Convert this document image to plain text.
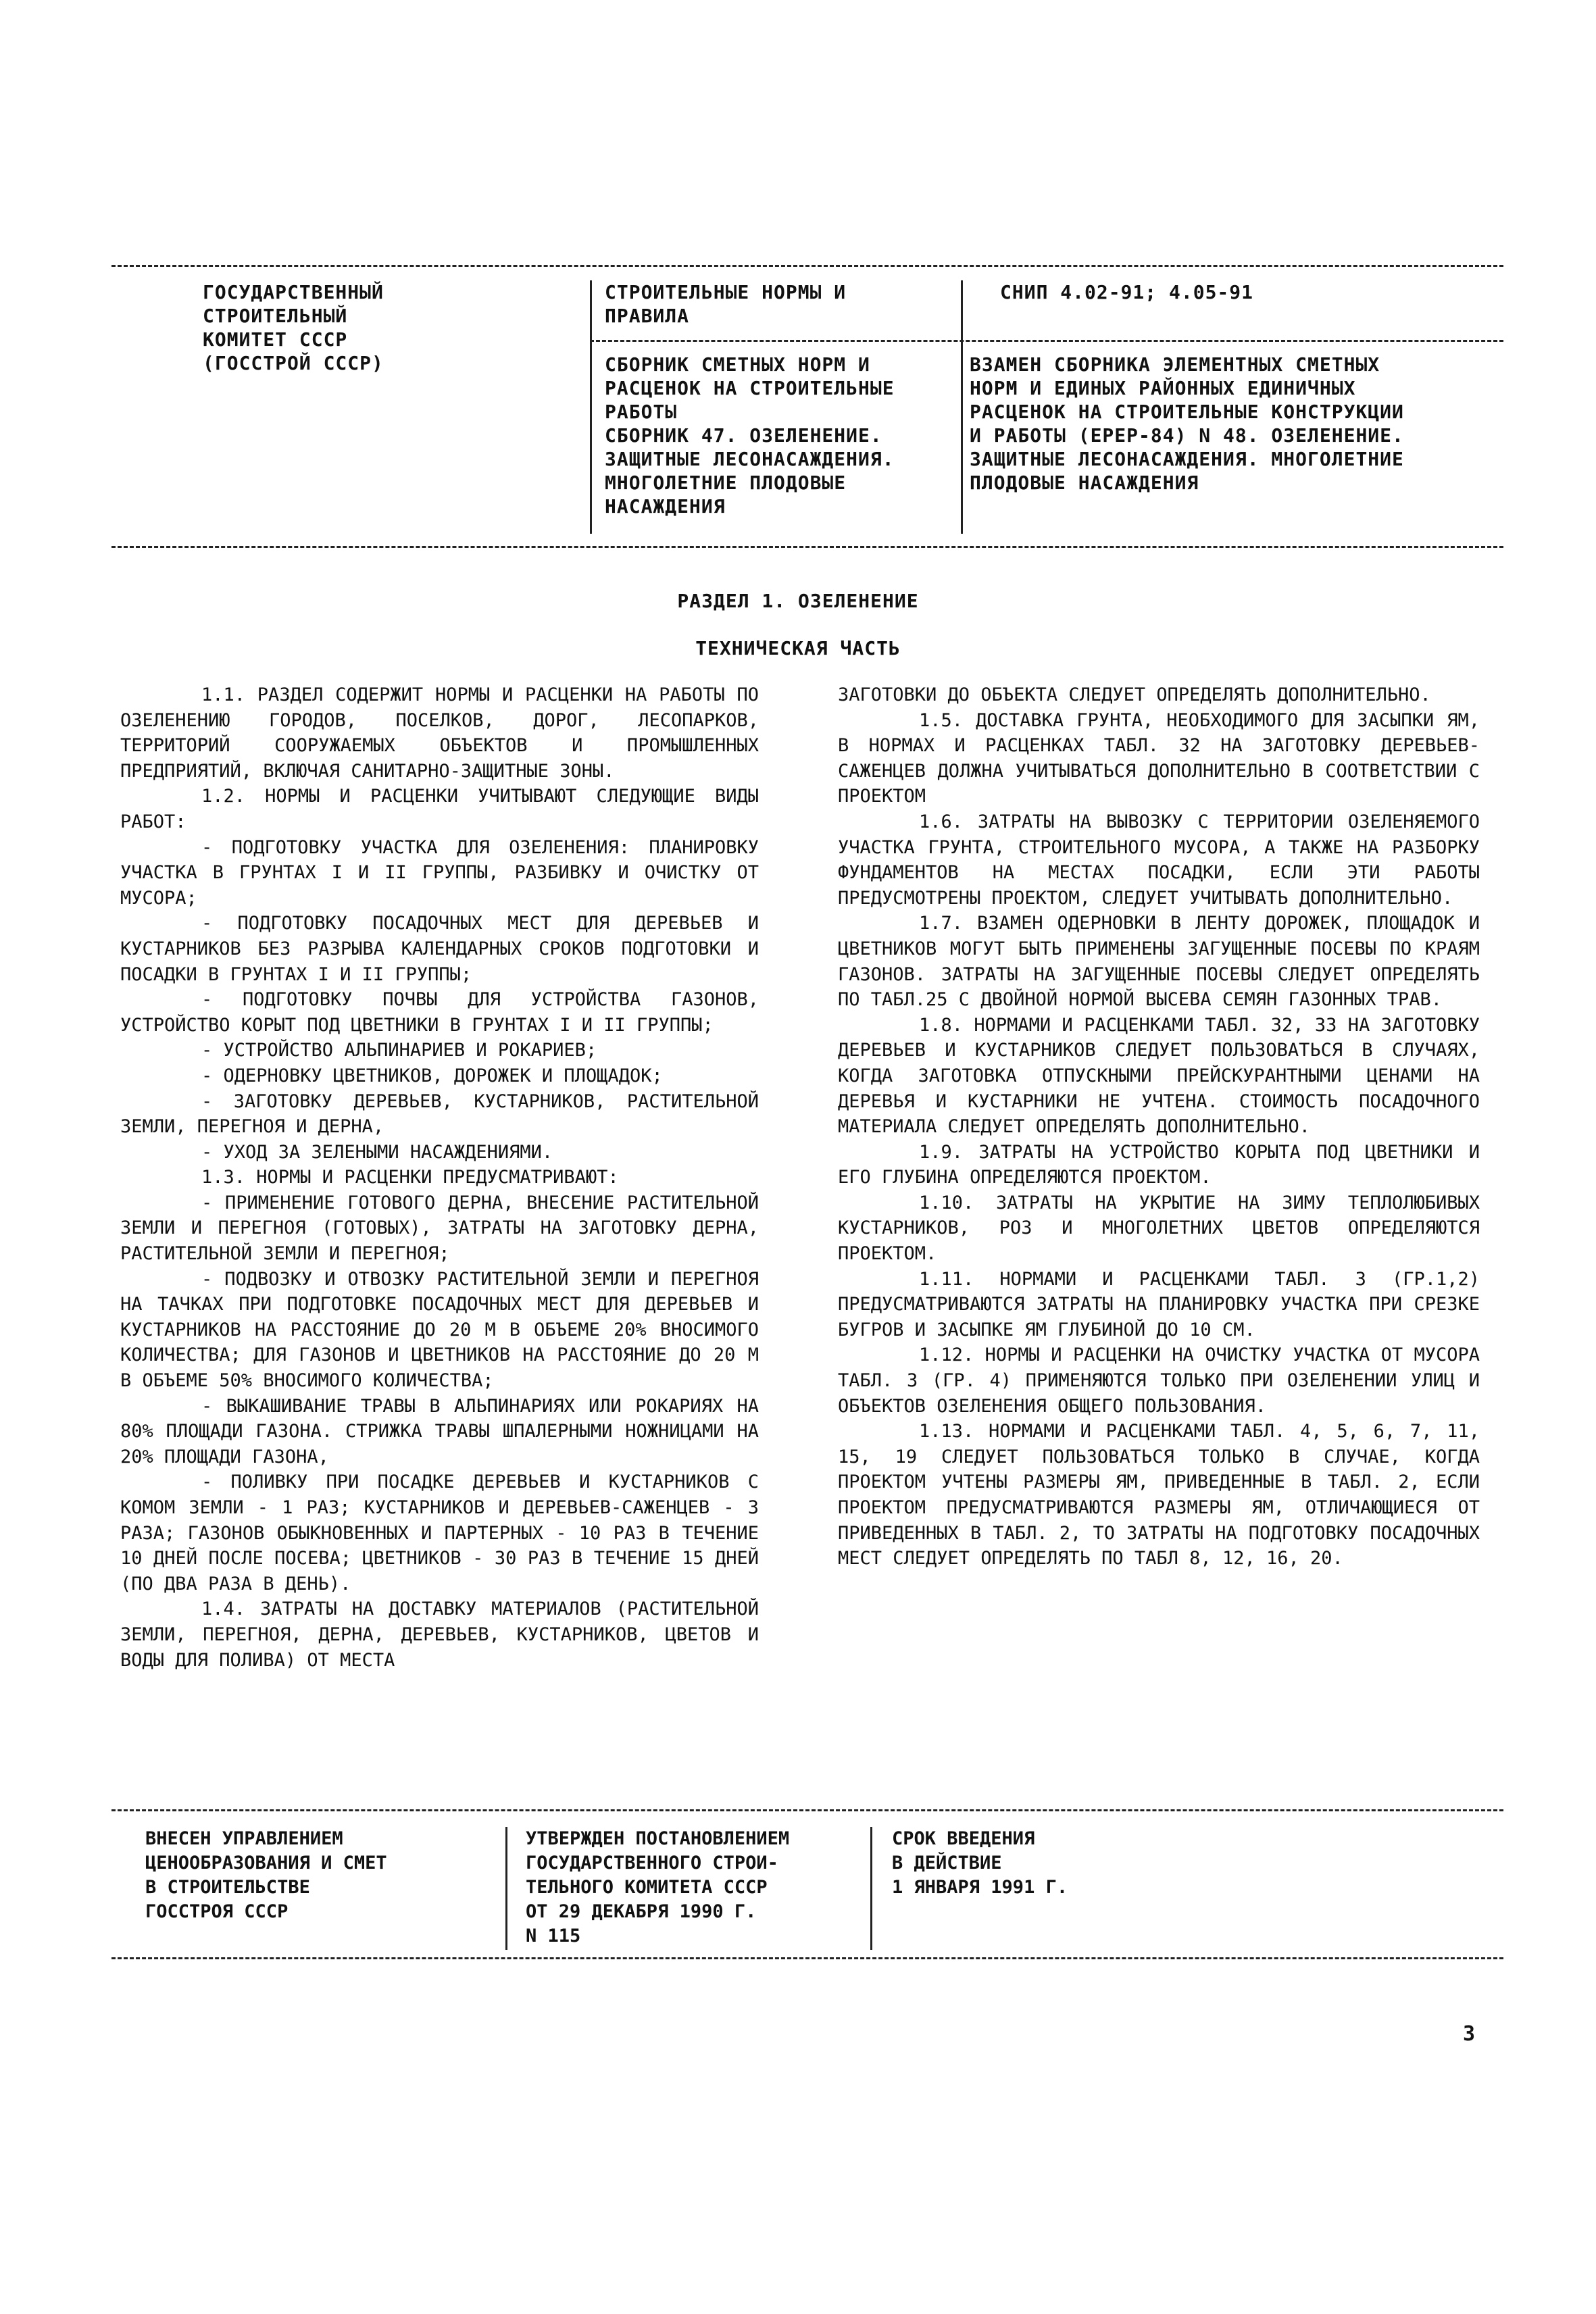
ГОСУДАРСТВЕННЫЙ
СТРОИТЕЛЬНЫЙ
КОМИТЕТ СССР
(ГОССТРОЙ СССР)
СТРОИТЕЛЬНЫЕ НОРМЫ И
ПРАВИЛА
СНИП 4.02-91; 4.05-91
СБОРНИК СМЕТНЫХ НОРМ И
РАСЦЕНОК НА СТРОИТЕЛЬНЫЕ
РАБОТЫ
СБОРНИК 47. ОЗЕЛЕНЕНИЕ.
ЗАЩИТНЫЕ ЛЕСОНАСАЖДЕНИЯ.
МНОГОЛЕТНИЕ ПЛОДОВЫЕ
НАСАЖДЕНИЯ
ВЗАМЕН СБОРНИКА ЭЛЕМЕНТНЫХ СМЕТНЫХ
НОРМ И ЕДИНЫХ РАЙОННЫХ ЕДИНИЧНЫХ
РАСЦЕНОК НА СТРОИТЕЛЬНЫЕ КОНСТРУКЦИИ
И РАБОТЫ (ЕРЕР-84) N 48. ОЗЕЛЕНЕНИЕ.
ЗАЩИТНЫЕ ЛЕСОНАСАЖДЕНИЯ. МНОГОЛЕТНИЕ
ПЛОДОВЫЕ НАСАЖДЕНИЯ
РАЗДЕЛ 1. ОЗЕЛЕНЕНИЕ
ТЕХНИЧЕСКАЯ ЧАСТЬ

1.1. РАЗДЕЛ СОДЕРЖИТ НОРМЫ И РАСЦЕНКИ НА РАБОТЫ ПО ОЗЕЛЕНЕНИЮ ГОРОДОВ, ПОСЕЛКОВ, ДОРОГ, ЛЕСОПАРКОВ, ТЕРРИТОРИЙ СООРУЖАЕМЫХ ОБЪЕКТОВ И ПРОМЫШЛЕННЫХ ПРЕДПРИЯТИЙ, ВКЛЮЧАЯ САНИТАРНО-ЗАЩИТНЫЕ ЗОНЫ.

1.2. НОРМЫ И РАСЦЕНКИ УЧИТЫВАЮТ СЛЕДУЮЩИЕ ВИДЫ РАБОТ:

- ПОДГОТОВКУ УЧАСТКА ДЛЯ ОЗЕЛЕНЕНИЯ: ПЛАНИРОВКУ УЧАСТКА В ГРУНТАХ I И II ГРУППЫ, РАЗБИВКУ И ОЧИСТКУ ОТ МУСОРА;

- ПОДГОТОВКУ ПОСАДОЧНЫХ МЕСТ ДЛЯ ДЕРЕВЬЕВ И КУСТАРНИКОВ БЕЗ РАЗРЫВА КАЛЕНДАРНЫХ СРОКОВ ПОДГОТОВКИ И ПОСАДКИ В ГРУНТАХ I И II ГРУППЫ;

- ПОДГОТОВКУ ПОЧВЫ ДЛЯ УСТРОЙСТВА ГАЗОНОВ, УСТРОЙСТВО КОРЫТ ПОД ЦВЕТНИКИ В ГРУНТАХ I И II ГРУППЫ;

- УСТРОЙСТВО АЛЬПИНАРИЕВ И РОКАРИЕВ;

- ОДЕРНОВКУ ЦВЕТНИКОВ, ДОРОЖЕК И ПЛОЩАДОК;

- ЗАГОТОВКУ ДЕРЕВЬЕВ, КУСТАРНИКОВ, РАСТИТЕЛЬНОЙ ЗЕМЛИ, ПЕРЕГНОЯ И ДЕРНА,

- УХОД ЗА ЗЕЛЕНЫМИ НАСАЖДЕНИЯМИ.

1.3. НОРМЫ И РАСЦЕНКИ ПРЕДУСМАТРИВАЮТ:

- ПРИМЕНЕНИЕ ГОТОВОГО ДЕРНА, ВНЕСЕНИЕ РАСТИТЕЛЬНОЙ ЗЕМЛИ И ПЕРЕГНОЯ (ГОТОВЫХ), ЗАТРАТЫ НА ЗАГОТОВКУ ДЕРНА, РАСТИТЕЛЬНОЙ ЗЕМЛИ И ПЕРЕГНОЯ;

- ПОДВОЗКУ И ОТВОЗКУ РАСТИТЕЛЬНОЙ ЗЕМЛИ И ПЕРЕГНОЯ НА ТАЧКАХ ПРИ ПОДГОТОВКЕ ПОСАДОЧНЫХ МЕСТ ДЛЯ ДЕРЕВЬЕВ И КУСТАРНИКОВ НА РАССТОЯНИЕ ДО 20 М В ОБЪЕМЕ 20% ВНОСИМОГО КОЛИЧЕСТВА; ДЛЯ ГАЗОНОВ И ЦВЕТНИКОВ НА РАССТОЯНИЕ ДО 20 М В ОБЪЕМЕ 50% ВНОСИМОГО КОЛИЧЕСТВА;

- ВЫКАШИВАНИЕ ТРАВЫ В АЛЬПИНАРИЯХ ИЛИ РОКАРИЯХ НА 80% ПЛОЩАДИ ГАЗОНА. СТРИЖКА ТРАВЫ ШПАЛЕРНЫМИ НОЖНИЦАМИ НА 20% ПЛОЩАДИ ГАЗОНА,

- ПОЛИВКУ ПРИ ПОСАДКЕ ДЕРЕВЬЕВ И КУСТАРНИКОВ С КОМОМ ЗЕМЛИ - 1 РАЗ; КУСТАРНИКОВ И ДЕРЕВЬЕВ-САЖЕНЦЕВ - 3 РАЗА; ГАЗОНОВ ОБЫКНОВЕННЫХ И ПАРТЕРНЫХ - 10 РАЗ В ТЕЧЕНИЕ 10 ДНЕЙ ПОСЛЕ ПОСЕВА; ЦВЕТНИКОВ - 30 РАЗ В ТЕЧЕНИЕ 15 ДНЕЙ (ПО ДВА РАЗА В ДЕНЬ).

1.4. ЗАТРАТЫ НА ДОСТАВКУ МАТЕРИАЛОВ (РАСТИТЕЛЬНОЙ ЗЕМЛИ, ПЕРЕГНОЯ, ДЕРНА, ДЕРЕВЬЕВ, КУСТАРНИКОВ, ЦВЕТОВ И ВОДЫ ДЛЯ ПОЛИВА) ОТ МЕСТА

ЗАГОТОВКИ ДО ОБЪЕКТА СЛЕДУЕТ ОПРЕДЕЛЯТЬ ДОПОЛНИТЕЛЬНО.

1.5. ДОСТАВКА ГРУНТА, НЕОБХОДИМОГО ДЛЯ ЗАСЫПКИ ЯМ, В НОРМАХ И РАСЦЕНКАХ ТАБЛ. 32 НА ЗАГОТОВКУ ДЕРЕВЬЕВ-САЖЕНЦЕВ ДОЛЖНА УЧИТЫВАТЬСЯ ДОПОЛНИТЕЛЬНО В СООТВЕТСТВИИ С ПРОЕКТОМ

1.6. ЗАТРАТЫ НА ВЫВОЗКУ С ТЕРРИТОРИИ ОЗЕЛЕНЯЕМОГО УЧАСТКА ГРУНТА, СТРОИТЕЛЬНОГО МУСОРА, А ТАКЖЕ НА РАЗБОРКУ ФУНДАМЕНТОВ НА МЕСТАХ ПОСАДКИ, ЕСЛИ ЭТИ РАБОТЫ ПРЕДУСМОТРЕНЫ ПРОЕКТОМ, СЛЕДУЕТ УЧИТЫВАТЬ ДОПОЛНИТЕЛЬНО.

1.7. ВЗАМЕН ОДЕРНОВКИ В ЛЕНТУ ДОРОЖЕК, ПЛОЩАДОК И ЦВЕТНИКОВ МОГУТ БЫТЬ ПРИМЕНЕНЫ ЗАГУЩЕННЫЕ ПОСЕВЫ ПО КРАЯМ ГАЗОНОВ. ЗАТРАТЫ НА ЗАГУЩЕННЫЕ ПОСЕВЫ СЛЕДУЕТ ОПРЕДЕЛЯТЬ ПО ТАБЛ.25 С ДВОЙНОЙ НОРМОЙ ВЫСЕВА СЕМЯН ГАЗОННЫХ ТРАВ.

1.8. НОРМАМИ И РАСЦЕНКАМИ ТАБЛ. 32, 33 НА ЗАГОТОВКУ ДЕРЕВЬЕВ И КУСТАРНИКОВ СЛЕДУЕТ ПОЛЬЗОВАТЬСЯ В СЛУЧАЯХ, КОГДА ЗАГОТОВКА ОТПУСКНЫМИ ПРЕЙСКУРАНТНЫМИ ЦЕНАМИ НА ДЕРЕВЬЯ И КУСТАРНИКИ НЕ УЧТЕНА. СТОИМОСТЬ ПОСАДОЧНОГО МАТЕРИАЛА СЛЕДУЕТ ОПРЕДЕЛЯТЬ ДОПОЛНИТЕЛЬНО.

1.9. ЗАТРАТЫ НА УСТРОЙСТВО КОРЫТА ПОД ЦВЕТНИКИ И ЕГО ГЛУБИНА ОПРЕДЕЛЯЮТСЯ ПРОЕКТОМ.

1.10. ЗАТРАТЫ НА УКРЫТИЕ НА ЗИМУ ТЕПЛОЛЮБИВЫХ КУСТАРНИКОВ, РОЗ И МНОГОЛЕТНИХ ЦВЕТОВ ОПРЕДЕЛЯЮТСЯ ПРОЕКТОМ.

1.11. НОРМАМИ И РАСЦЕНКАМИ ТАБЛ. 3 (ГР.1,2) ПРЕДУСМАТРИВАЮТСЯ ЗАТРАТЫ НА ПЛАНИРОВКУ УЧАСТКА ПРИ СРЕЗКЕ БУГРОВ И ЗАСЫПКЕ ЯМ ГЛУБИНОЙ ДО 10 СМ.

1.12. НОРМЫ И РАСЦЕНКИ НА ОЧИСТКУ УЧАСТКА ОТ МУСОРА ТАБЛ. 3 (ГР. 4) ПРИМЕНЯЮТСЯ ТОЛЬКО ПРИ ОЗЕЛЕНЕНИИ УЛИЦ И ОБЪЕКТОВ ОЗЕЛЕНЕНИЯ ОБЩЕГО ПОЛЬЗОВАНИЯ.

1.13. НОРМАМИ И РАСЦЕНКАМИ ТАБЛ. 4, 5, 6, 7, 11, 15, 19 СЛЕДУЕТ ПОЛЬЗОВАТЬСЯ ТОЛЬКО В СЛУЧАЕ, КОГДА ПРОЕКТОМ УЧТЕНЫ РАЗМЕРЫ ЯМ, ПРИВЕДЕННЫЕ В ТАБЛ. 2, ЕСЛИ ПРОЕКТОМ ПРЕДУСМАТРИВАЮТСЯ РАЗМЕРЫ ЯМ, ОТЛИЧАЮЩИЕСЯ ОТ ПРИВЕДЕННЫХ В ТАБЛ. 2, ТО ЗАТРАТЫ НА ПОДГОТОВКУ ПОСАДОЧНЫХ МЕСТ СЛЕДУЕТ ОПРЕДЕЛЯТЬ ПО ТАБЛ 8, 12, 16, 20.

ВНЕСЕН УПРАВЛЕНИЕМ
ЦЕНООБРАЗОВАНИЯ И СМЕТ
В СТРОИТЕЛЬСТВЕ
ГОССТРОЯ СССР
УТВЕРЖДЕН ПОСТАНОВЛЕНИЕМ
ГОСУДАРСТВЕННОГО СТРОИ-
ТЕЛЬНОГО КОМИТЕТА СССР
ОТ 29 ДЕКАБРЯ 1990 Г.
N 115
СРОК ВВЕДЕНИЯ
В ДЕЙСТВИЕ
1 ЯНВАРЯ 1991 Г.
3
